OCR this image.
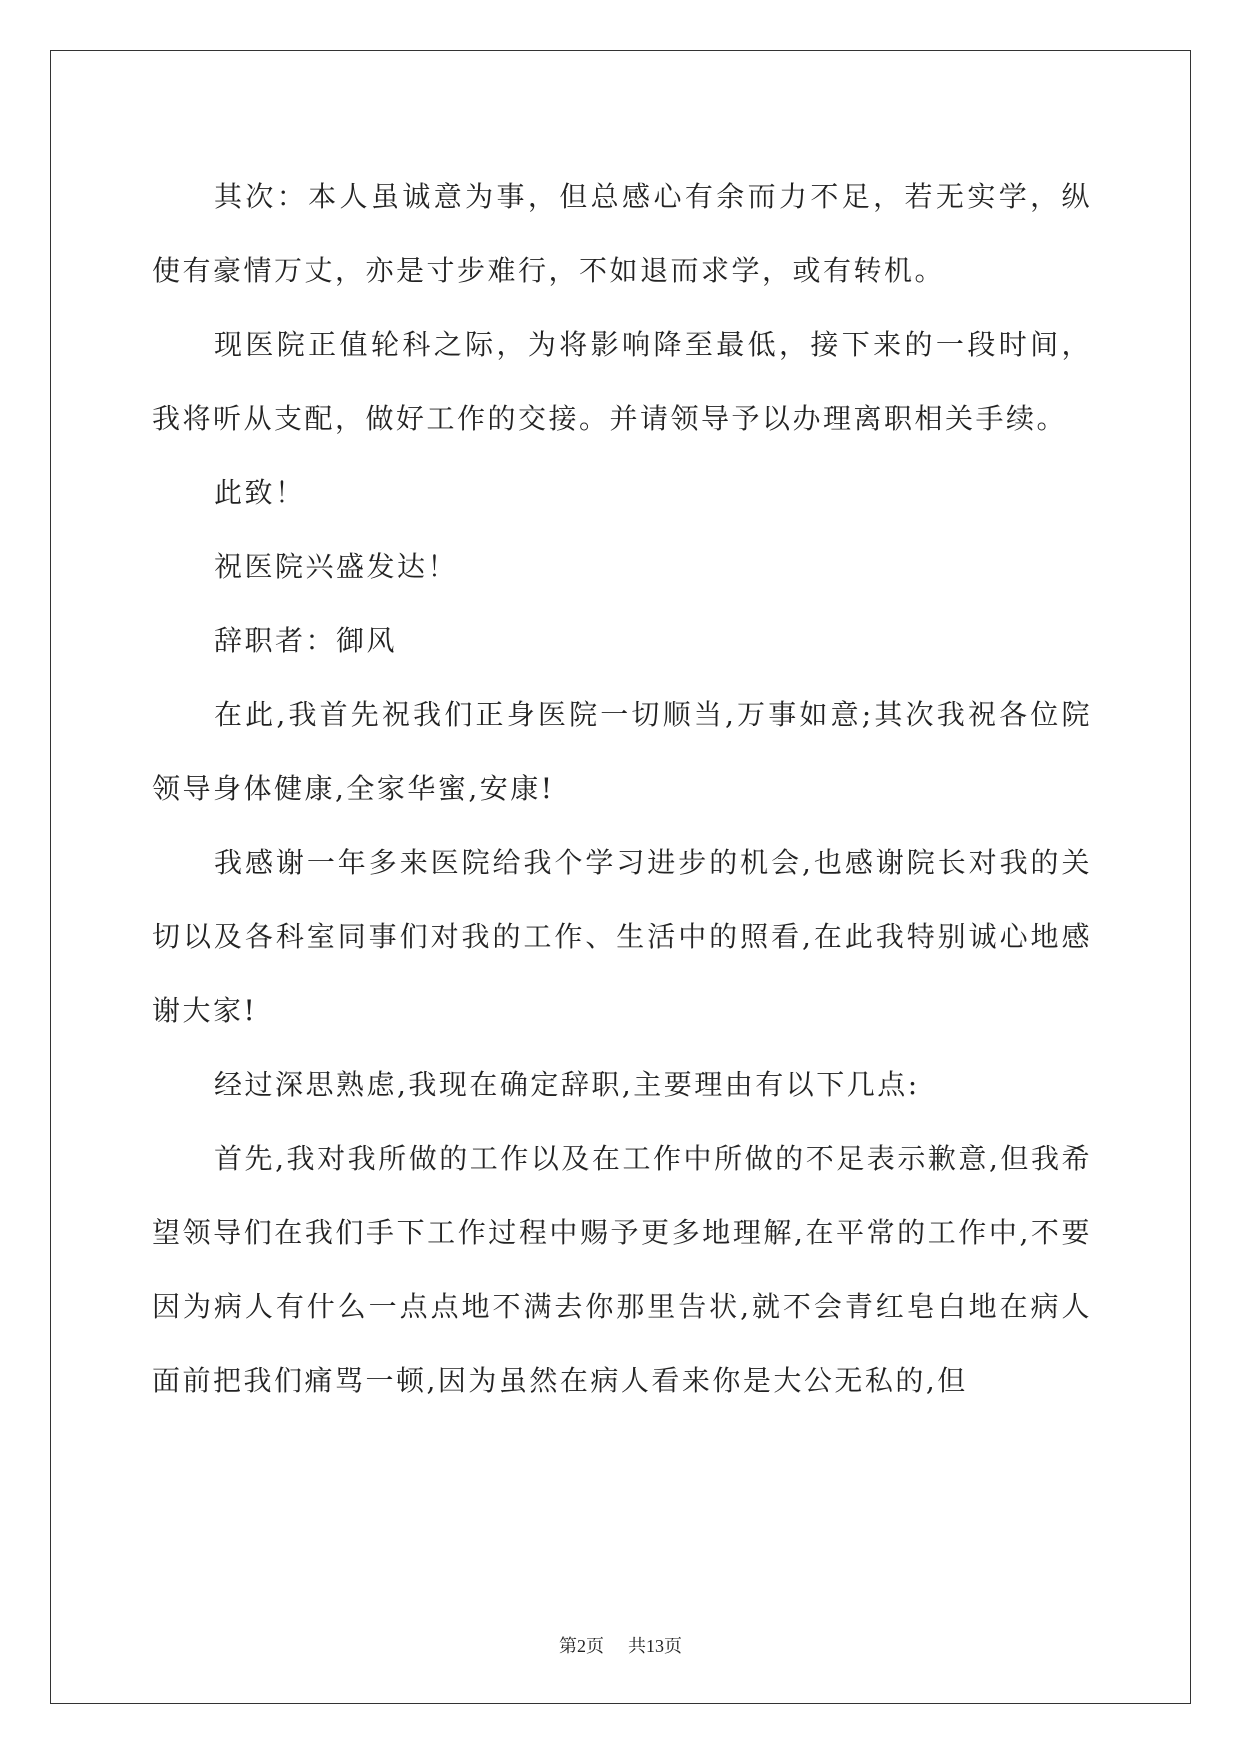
其次：本人虽诚意为事，但总感心有余而力不足，若无实学，纵使有豪情万丈，亦是寸步难行，不如退而求学，或有转机。

现医院正值轮科之际，为将影响降至最低，接下来的一段时间，我将听从支配，做好工作的交接。并请领导予以办理离职相关手续。

此致！

祝医院兴盛发达！

辞职者：御风

在此,我首先祝我们正身医院一切顺当,万事如意;其次我祝各位院领导身体健康,全家华蜜,安康!

我感谢一年多来医院给我个学习进步的机会,也感谢院长对我的关切以及各科室同事们对我的工作、生活中的照看,在此我特别诚心地感谢大家!

经过深思熟虑,我现在确定辞职,主要理由有以下几点:

首先,我对我所做的工作以及在工作中所做的不足表示歉意,但我希望领导们在我们手下工作过程中赐予更多地理解,在平常的工作中,不要因为病人有什么一点点地不满去你那里告状,就不会青红皂白地在病人面前把我们痛骂一顿,因为虽然在病人看来你是大公无私的,但

第2页 共13页
